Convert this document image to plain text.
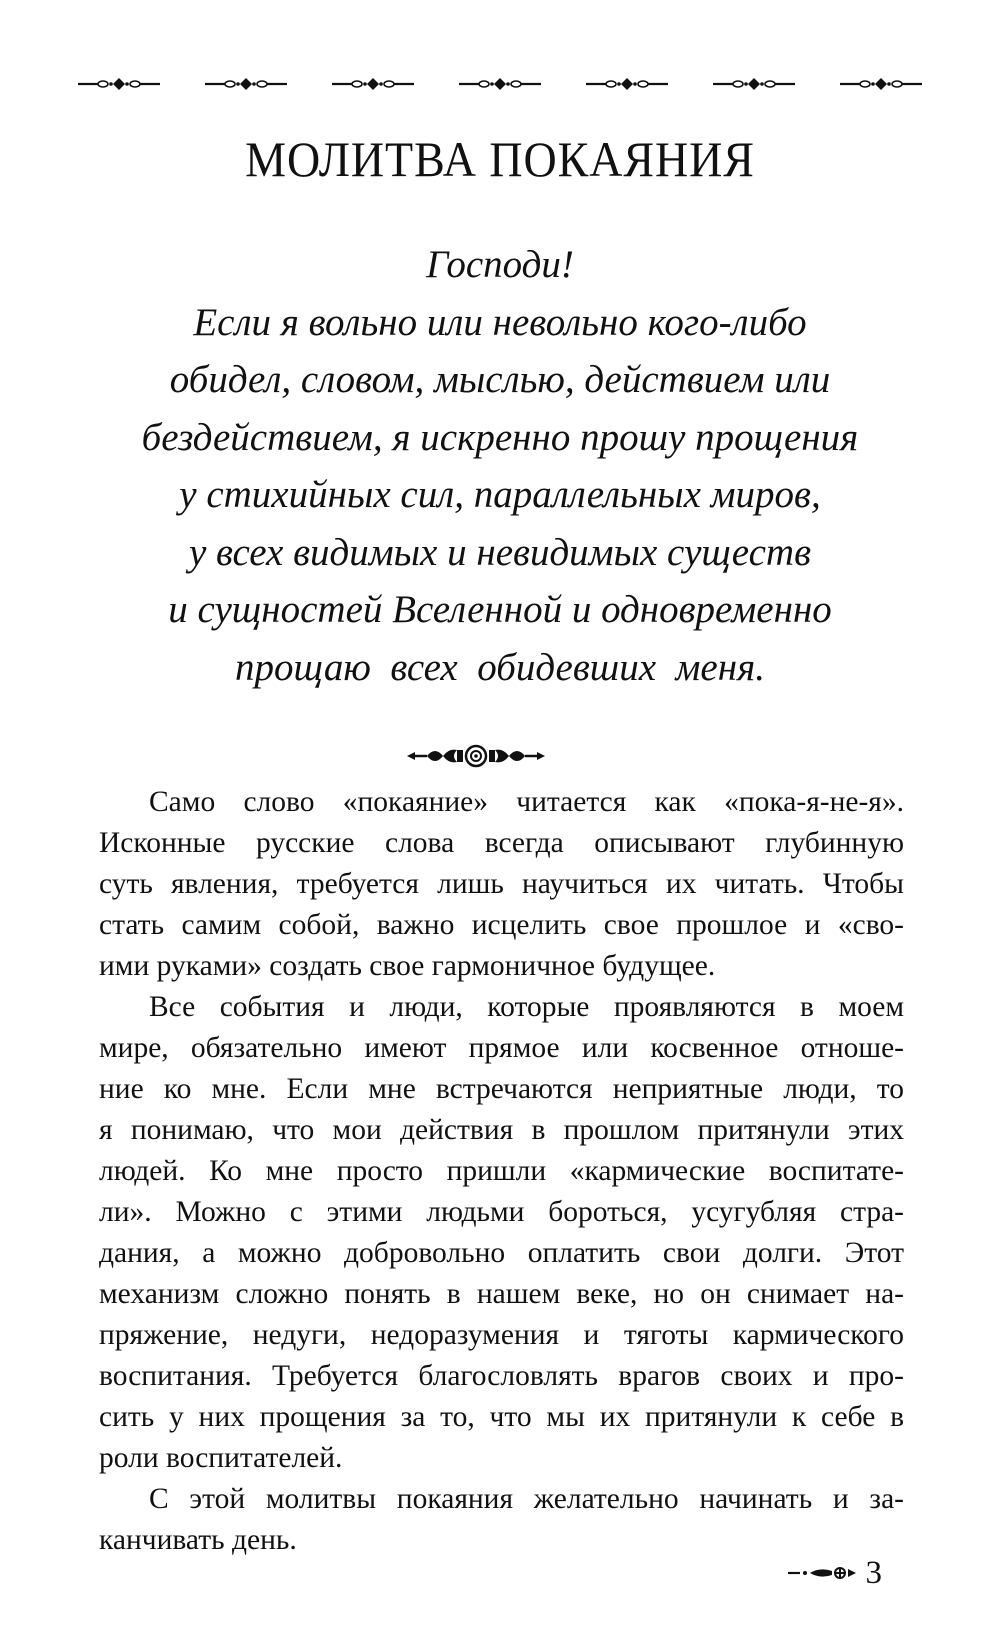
МОЛИТВА ПОКАЯНИЯ

Господи!
Если я вольно или невольно кого-либо
обидел, словом, мыслью, действием или
бездействием, я искренно прошу прощения
у стихийных сил, параллельных миров,
у всех видимых и невидимых существ
и сущностей Вселенной и одновременно
прощаю  всех  обидевших  меня.

Само слово «покаяние» читается как «пока-я-не-я».
Исконные русские слова всегда описывают глубинную
суть явления, требуется лишь научиться их читать. Чтобы
стать самим собой, важно исцелить свое прошлое и «сво-
ими руками» создать свое гармоничное будущее.
Все события и люди, которые проявляются в моем
мире, обязательно имеют прямое или косвенное отноше-
ние ко мне. Если мне встречаются неприятные люди, то
я понимаю, что мои действия в прошлом притянули этих
людей. Ко мне просто пришли «кармические воспитате-
ли». Можно с этими людьми бороться, усугубляя стра-
дания, а можно добровольно оплатить свои долги. Этот
механизм сложно понять в нашем веке, но он снимает на-
пряжение, недуги, недоразумения и тяготы кармического
воспитания. Требуется благословлять врагов своих и про-
сить у них прощения за то, что мы их притянули к себе в
роли воспитателей.
С этой молитвы покаяния желательно начинать и за-
канчивать день.
3
